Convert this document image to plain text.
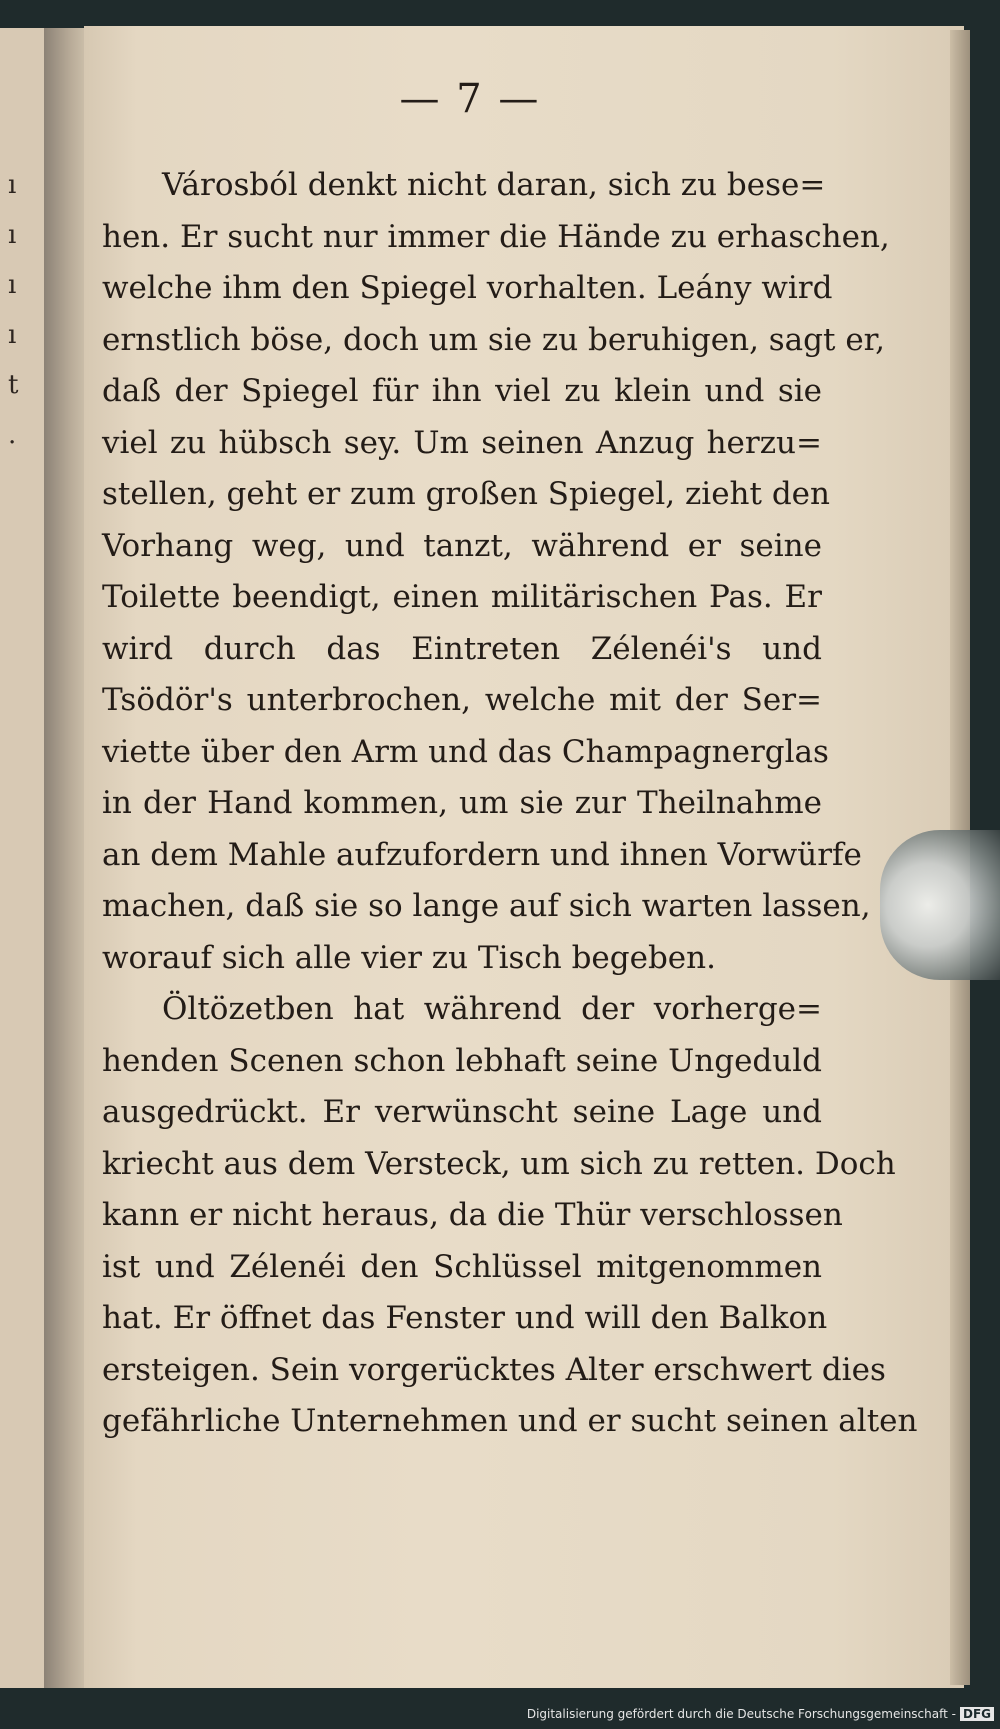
ı
ı
ı
ı
t
.
— 7 —
Városból denkt nicht daran, sich zu bese=
hen. Er sucht nur immer die Hände zu erhaschen,
welche ihm den Spiegel vorhalten. Leány wird
ernstlich böse, doch um sie zu beruhigen, sagt er,
daß der Spiegel für ihn viel zu klein und sie
viel zu hübsch sey. Um seinen Anzug herzu=
stellen, geht er zum großen Spiegel, zieht den
Vorhang weg, und tanzt, während er seine
Toilette beendigt, einen militärischen Pas. Er
wird durch das Eintreten Zélenéi's und
Tsödör's unterbrochen, welche mit der Ser=
viette über den Arm und das Champagnerglas
in der Hand kommen, um sie zur Theilnahme
an dem Mahle aufzufordern und ihnen Vorwürfe
machen, daß sie so lange auf sich warten lassen,
worauf sich alle vier zu Tisch begeben.
Öltözetben hat während der vorherge=
henden Scenen schon lebhaft seine Ungeduld
ausgedrückt. Er verwünscht seine Lage und
kriecht aus dem Versteck, um sich zu retten. Doch
kann er nicht heraus, da die Thür verschlossen
ist und Zélenéi den Schlüssel mitgenommen
hat. Er öffnet das Fenster und will den Balkon
ersteigen. Sein vorgerücktes Alter erschwert dies
gefährliche Unternehmen und er sucht seinen alten
Digitalisierung gefördert durch die Deutsche Forschungsgemeinschaft - DFG
